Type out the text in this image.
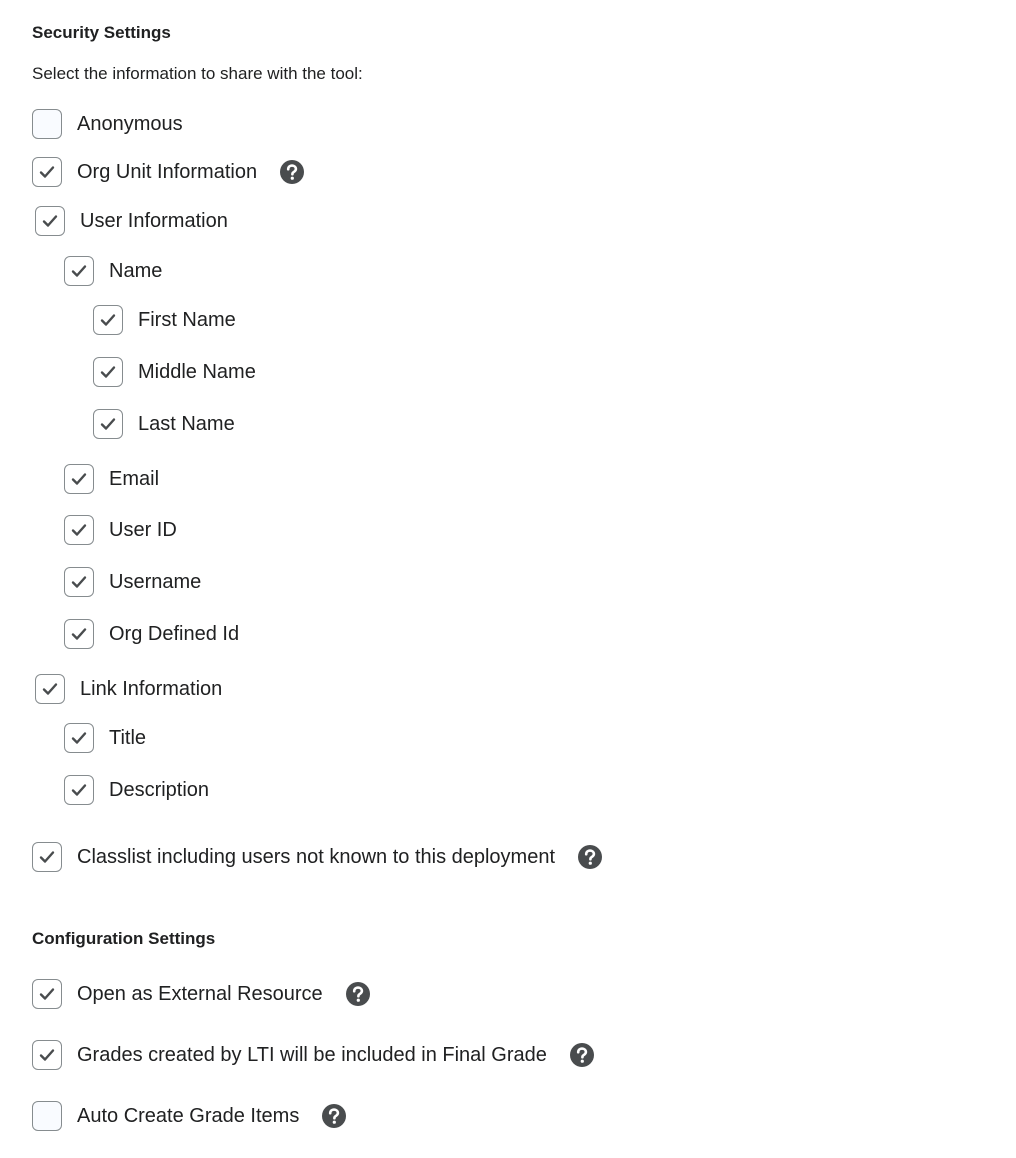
Security Settings
Select the information to share with the tool:
Anonymous
Org Unit Information
User Information
Name
First Name
Middle Name
Last Name
Email
User ID
Username
Org Defined Id
Link Information
Title
Description
Classlist including users not known to this deployment
Configuration Settings
Open as External Resource
Grades created by LTI will be included in Final Grade
Auto Create Grade Items
